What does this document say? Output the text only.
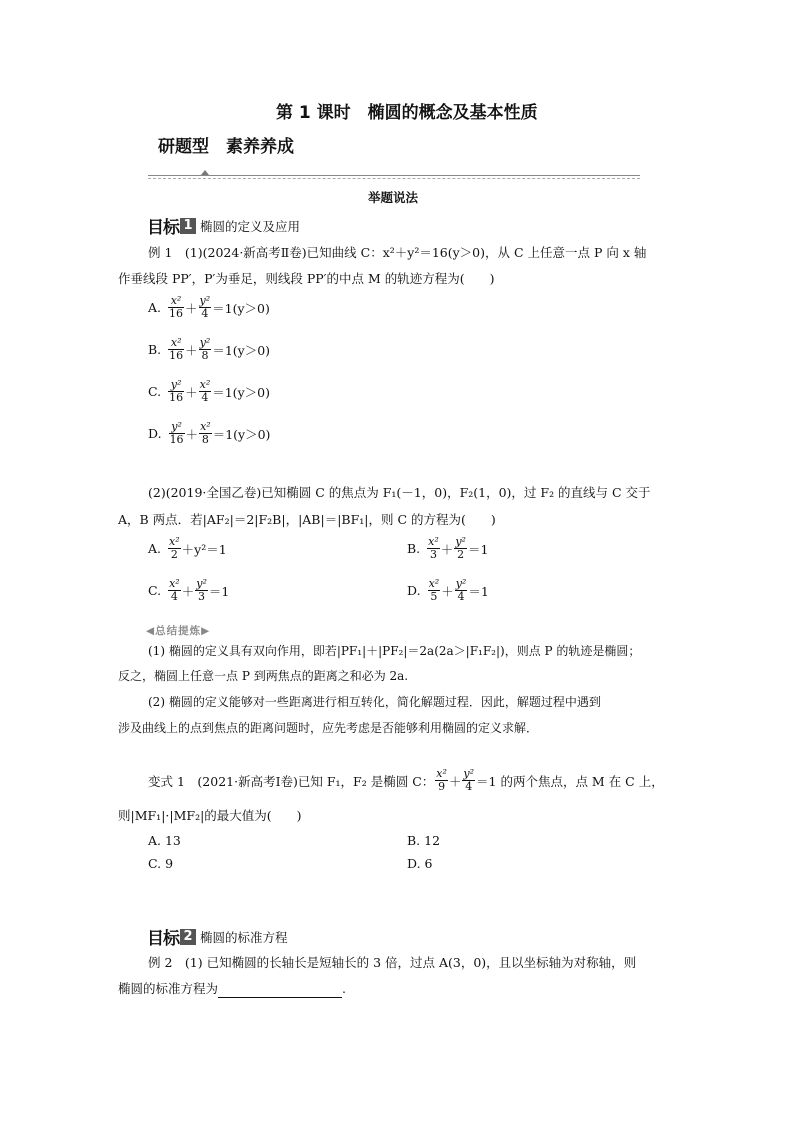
第 1 课时　椭圆的概念及基本性质
研题型　素养养成
举题说法
目标 1 椭圆的定义及应用
例 1　(1)(2024·新高考Ⅱ卷)已知曲线 C：x²＋y²＝16(y＞0)，从 C 上任意一点 P 向 x 轴
作垂线段 PP′，P′为垂足，则线段 PP′的中点 M 的轨迹方程为(　　)
A. $\frac{\text{x²}}{16} + \frac{\text{y²}}{4} =1(y>0)$
B. $\frac{\text{x²}}{16} + \frac{\text{y²}}{8} =1(y>0)$
C. $\frac{\text{y²}}{16} + \frac{\text{x²}}{4} =1(y>0)$
D. $\frac{\text{y²}}{16} + \frac{\text{x²}}{8} =1(y>0)$
(2)(2019·全国乙卷)已知椭圆 C 的焦点为 F₁(－1，0)，F₂(1，0)，过 F₂ 的直线与 C 交于
A，B 两点．若|AF₂|＝2|F₂B|，|AB|＝|BF₁|，则 C 的方程为(　　)
A. $\frac{\text{x²}}{2} +y^2=1$	B. $\frac{\text{x²}}{3} + \frac{\text{y²}}{2} =1$
C. $\frac{\text{x²}}{4} + \frac{\text{y²}}{3} =1$	D. $\frac{\text{x²}}{5} + \frac{\text{y²}}{4} =1$
◀总结提炼▶
(1) 椭圆的定义具有双向作用，即若|PF₁|＋|PF₂|＝2a(2a＞|F₁F₂|)，则点 P 的轨迹是椭圆；
反之，椭圆上任意一点 P 到两焦点的距离之和必为 2a.
(2) 椭圆的定义能够对一些距离进行相互转化，简化解题过程．因此，解题过程中遇到
涉及曲线上的点到焦点的距离问题时，应先考虑是否能够利用椭圆的定义求解．
变式 1　(2021·新高考Ⅰ卷)已知 F₁，F₂ 是椭圆 C： $\frac{\text{x²}}{9} + \frac{\text{y²}}{4} =1$ 的两个焦点，点 M 在 C 上，
则|MF₁|·|MF₂|的最大值为(　　)
A. 13	B. 12
C. 9	D. 6
目标 2 椭圆的标准方程
例 2　(1) 已知椭圆的长轴长是短轴长的 3 倍，过点 A(3，0)，且以坐标轴为对称轴，则
椭圆的标准方程为	.
